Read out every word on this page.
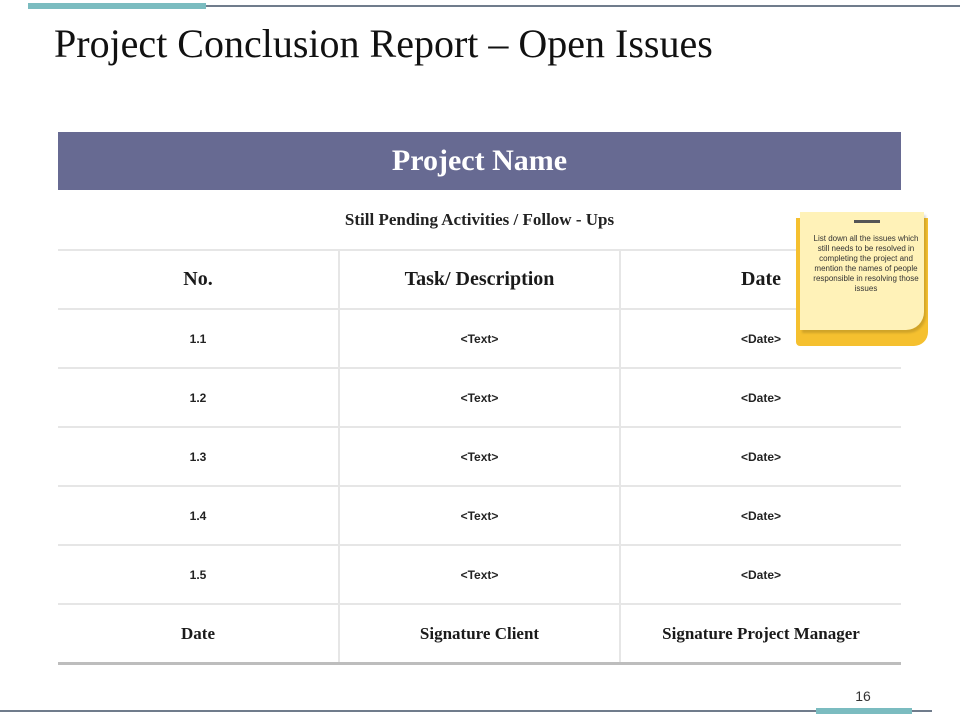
Project Conclusion Report – Open Issues
Project Name		
Still Pending Activities / Follow - Ups		
No.	Task/ Description	Date
1.1	<Text>	<Date>
1.2	<Text>	<Date>
1.3	<Text>	<Date>
1.4	<Text>	<Date>
1.5	<Text>	<Date>
Date	Signature Client	Signature Project Manager
List down all the issues which still needs to be resolved in completing the project and mention the names of people responsible in resolving those issues
16
